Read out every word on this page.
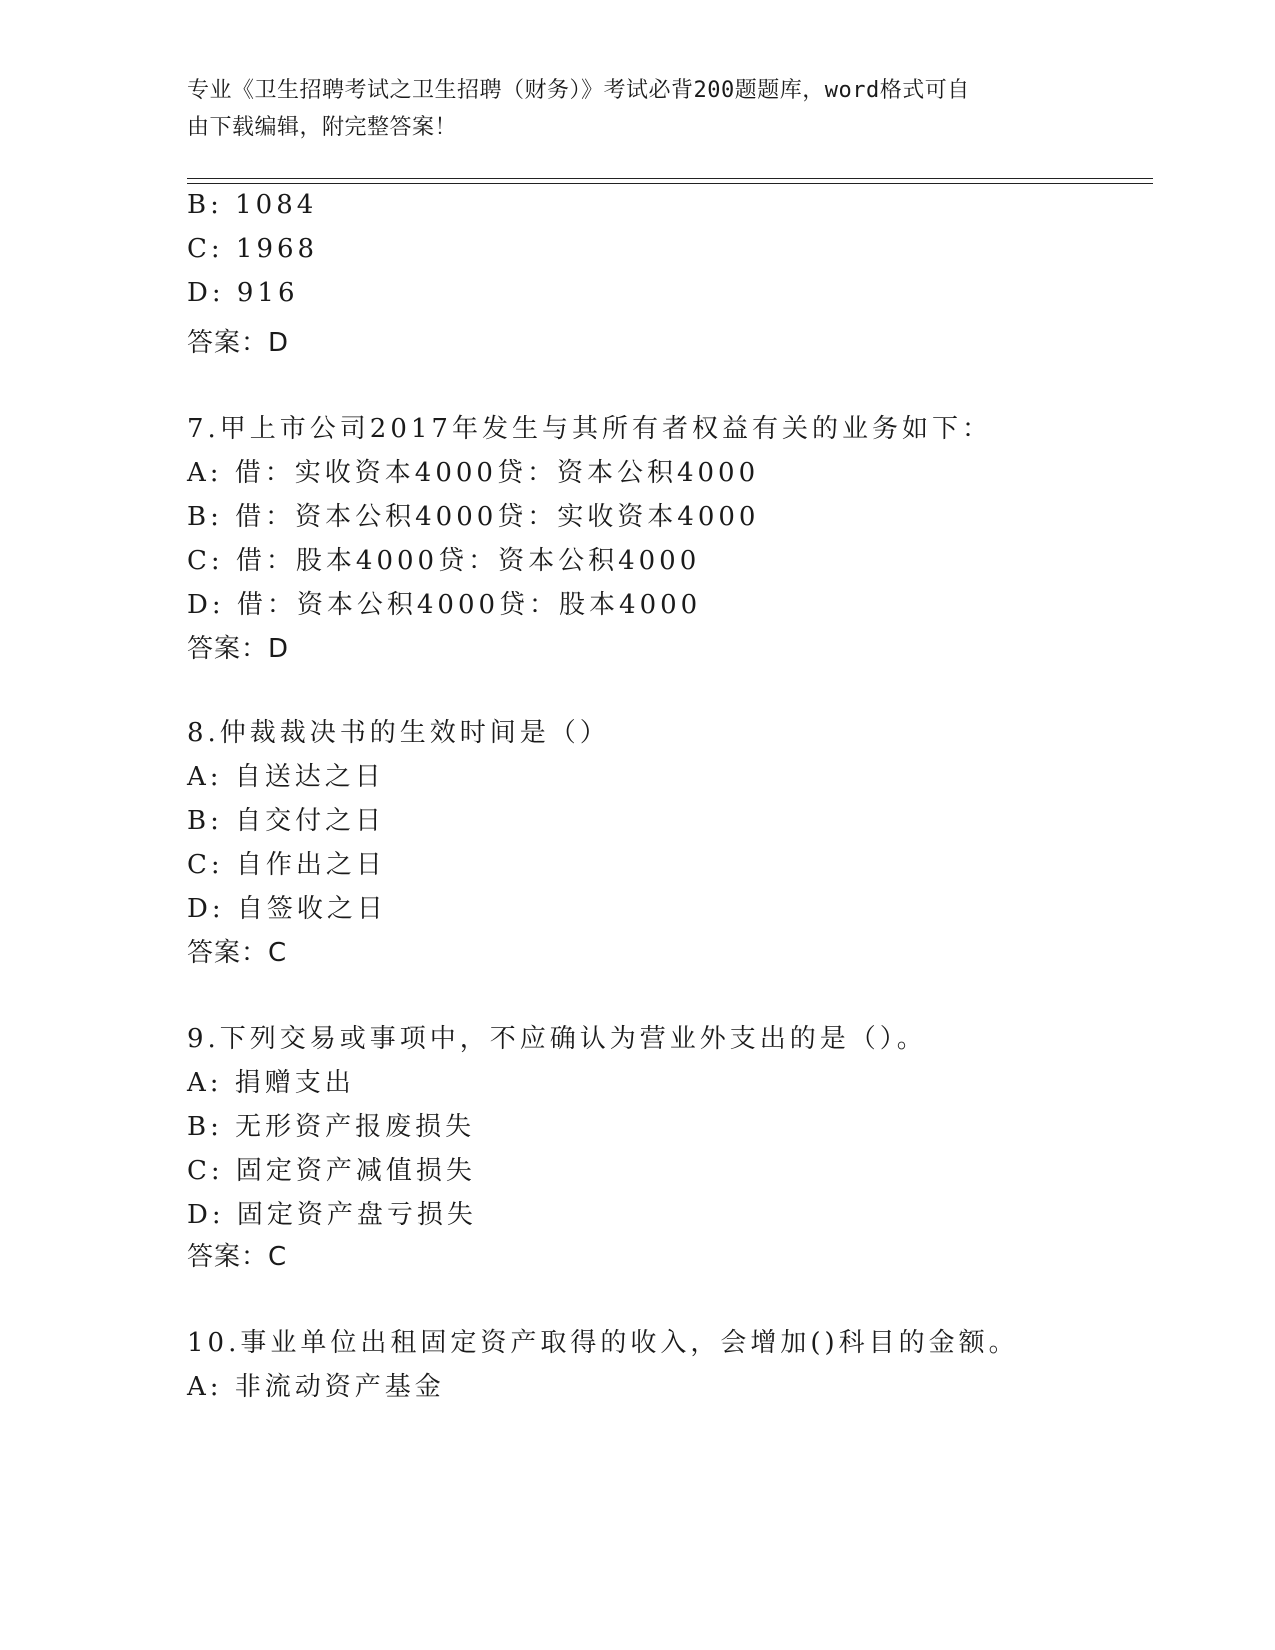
专业《卫生招聘考试之卫生招聘（财务）》考试必背200题题库，word格式可自
由下载编辑，附完整答案！
B: 1084
C: 1968
D: 916
答案：D
7.甲上市公司2017年发生与其所有者权益有关的业务如下：
A: 借：实收资本4000贷：资本公积4000
B: 借：资本公积4000贷：实收资本4000
C: 借：股本4000贷：资本公积4000
D: 借：资本公积4000贷：股本4000
答案：D
8.仲裁裁决书的生效时间是（）
A: 自送达之日
B: 自交付之日
C: 自作出之日
D: 自签收之日
答案：C
9.下列交易或事项中，不应确认为营业外支出的是（）。
A: 捐赠支出
B: 无形资产报废损失
C: 固定资产减值损失
D: 固定资产盘亏损失
答案：C
10.事业单位出租固定资产取得的收入，会增加()科目的金额。
A: 非流动资产基金
